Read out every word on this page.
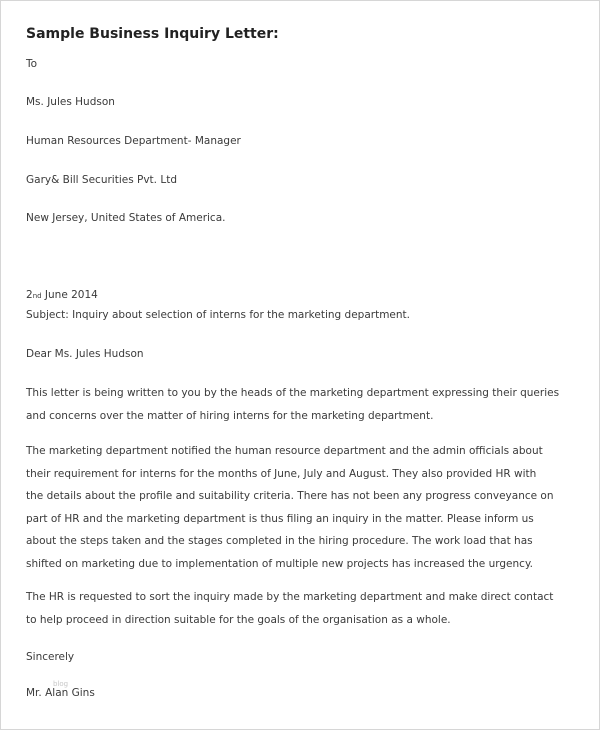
Sample Business Inquiry Letter:
To
Ms. Jules Hudson
Human Resources Department- Manager
Gary& Bill Securities Pvt. Ltd
New Jersey, United States of America.
2nd June 2014
Subject: Inquiry about selection of interns for the marketing department.
Dear Ms. Jules Hudson
This letter is being written to you by the heads of the marketing department expressing their queries
and concerns over the matter of hiring interns for the marketing department.
The marketing department notified the human resource department and the admin officials about
their requirement for interns for the months of June, July and August. They also provided HR with
the details about the profile and suitability criteria. There has not been any progress conveyance on
part of HR and the marketing department is thus filing an inquiry in the matter. Please inform us
about the steps taken and the stages completed in the hiring procedure. The work load that has
shifted on marketing due to implementation of multiple new projects has increased the urgency.
The HR is requested to sort the inquiry made by the marketing department and make direct contact
to help proceed in direction suitable for the goals of the organisation as a whole.
Sincerely
blog
Mr. Alan Gins
